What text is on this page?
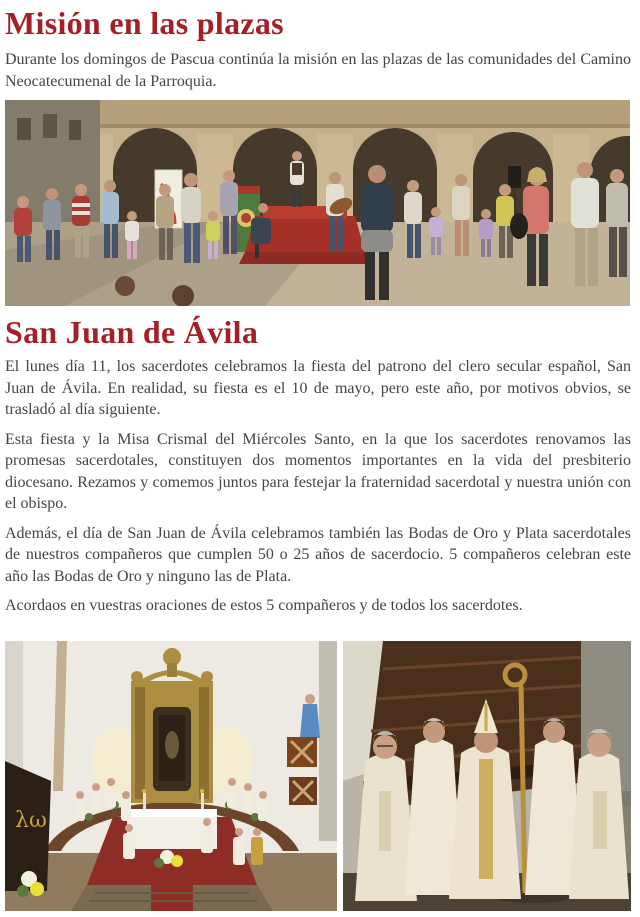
Misión en las plazas

Durante los domingos de Pascua continúa la misión en las plazas de las comunidades del Camino Neocatecumenal de la Parroquia.

San Juan de Ávila

El lunes día 11, los sacerdotes celebramos la fiesta del patrono del clero secular español, San Juan de Ávila. En realidad, su fiesta es el 10 de mayo, pero este año, por motivos obvios, se trasladó al día siguiente.

Esta fiesta y la Misa Crismal del Miércoles Santo, en la que los sacerdotes renovamos las promesas sacerdotales, constituyen dos momentos importantes en la vida del presbiterio diocesano. Rezamos y comemos juntos para festejar la fraternidad sacerdotal y nuestra unión con el obispo.

Además, el día de San Juan de Ávila celebramos también las Bodas de Oro y Plata sacerdotales de nuestros compañeros que cumplen 50 o 25 años de sacerdocio. 5 compañeros celebran este año las Bodas de Oro y ninguno las de Plata.

Acordaos en vuestras oraciones de estos 5 compañeros y de todos los sacerdotes.

λω
